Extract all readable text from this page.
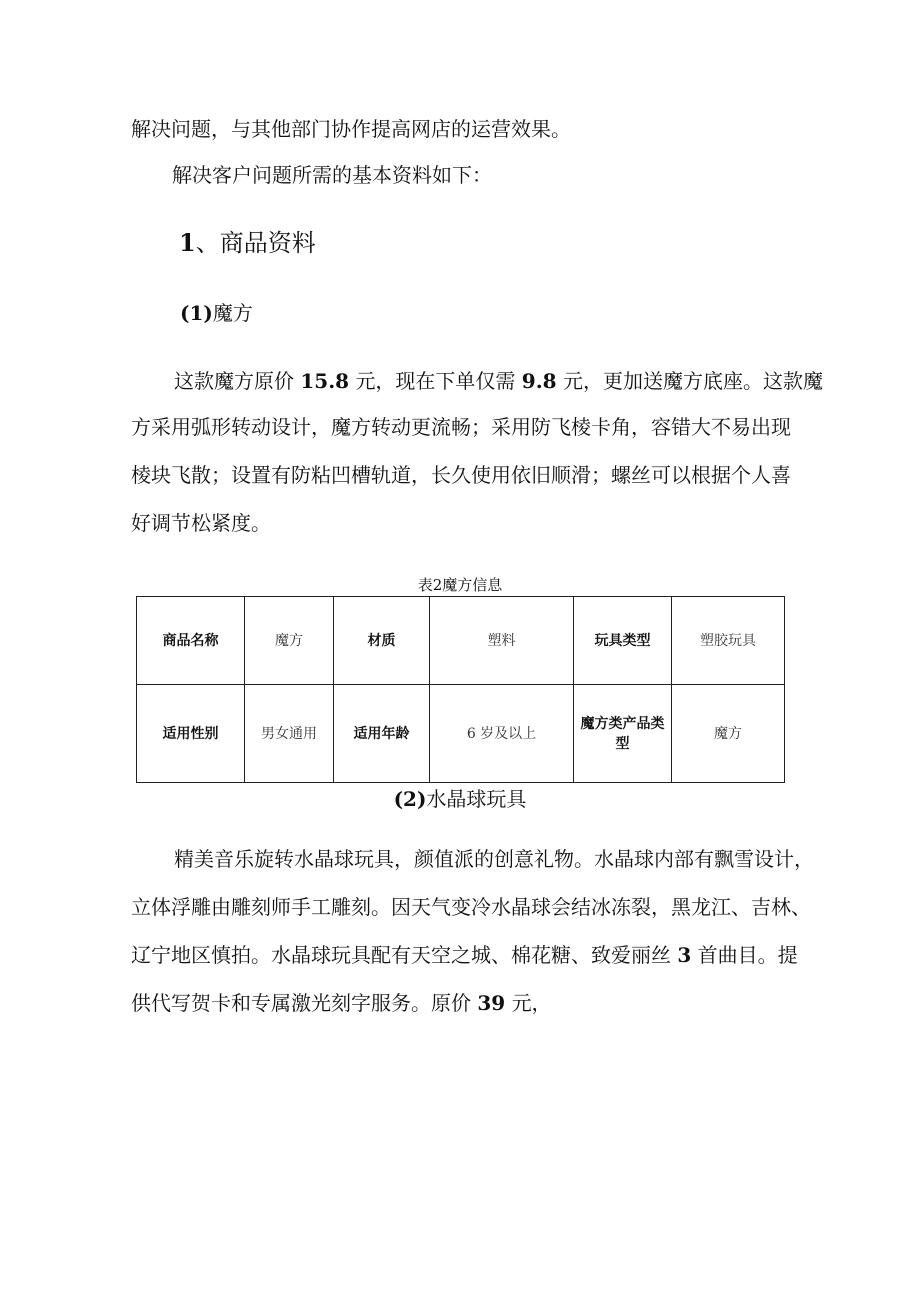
解决问题，与其他部门协作提高网店的运营效果。

解决客户问题所需的基本资料如下：

1、商品资料

(1)魔方

这款魔方原价 15.8 元，现在下单仅需 9.8 元，更加送魔方底座。这款魔

方采用弧形转动设计，魔方转动更流畅；采用防飞棱卡角，容错大不易出现

棱块飞散；设置有防粘凹槽轨道，长久使用依旧顺滑；螺丝可以根据个人喜

好调节松紧度。

表2魔方信息

商品名称	魔方	材质	塑料	玩具类型	塑胶玩具
适用性别	男女通用	适用年龄	6 岁及以上	魔方类产品类型	魔方

(2)水晶球玩具

精美音乐旋转水晶球玩具，颜值派的创意礼物。水晶球内部有飘雪设计，

立体浮雕由雕刻师手工雕刻。因天气变冷水晶球会结冰冻裂，黑龙江、吉林、

辽宁地区慎拍。水晶球玩具配有天空之城、棉花糖、致爱丽丝 3 首曲目。提

供代写贺卡和专属激光刻字服务。原价 39 元，
